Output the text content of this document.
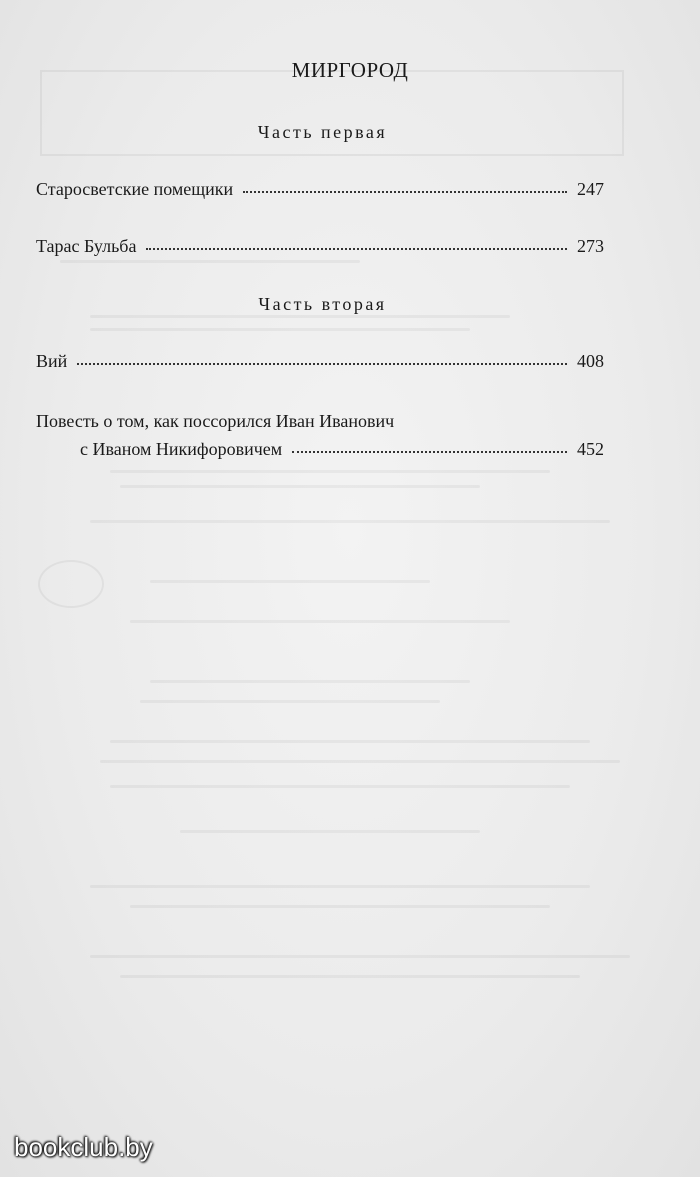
МИРГОРОД
Часть первая
Старосветские помещики	247
Тарас Бульба	273
Часть вторая
Вий	408
Повесть о том, как поссорился Иван Иванович
с Иваном Никифоровичем	452
bookclub.by
